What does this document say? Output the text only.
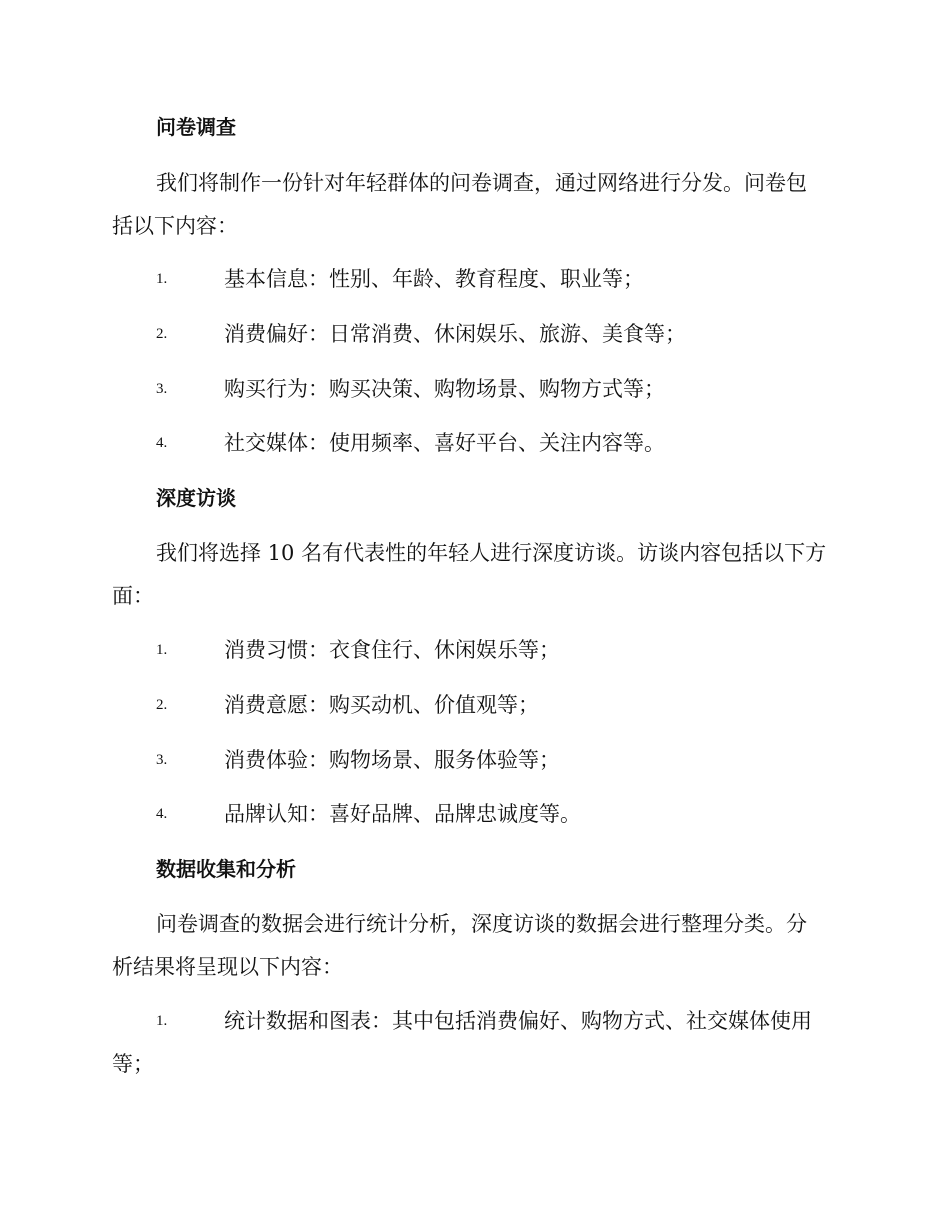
问卷调查
我们将制作一份针对年轻群体的问卷调查，通过网络进行分发。问卷包
括以下内容：
1.	基本信息：性别、年龄、教育程度、职业等；
2.	消费偏好：日常消费、休闲娱乐、旅游、美食等；
3.	购买行为：购买决策、购物场景、购物方式等；
4.	社交媒体：使用频率、喜好平台、关注内容等。
深度访谈
我们将选择 10 名有代表性的年轻人进行深度访谈。访谈内容包括以下方
面：
1.	消费习惯：衣食住行、休闲娱乐等；
2.	消费意愿：购买动机、价值观等；
3.	消费体验：购物场景、服务体验等；
4.	品牌认知：喜好品牌、品牌忠诚度等。
数据收集和分析
问卷调查的数据会进行统计分析，深度访谈的数据会进行整理分类。分
析结果将呈现以下内容：
1.	统计数据和图表：其中包括消费偏好、购物方式、社交媒体使用
等；
